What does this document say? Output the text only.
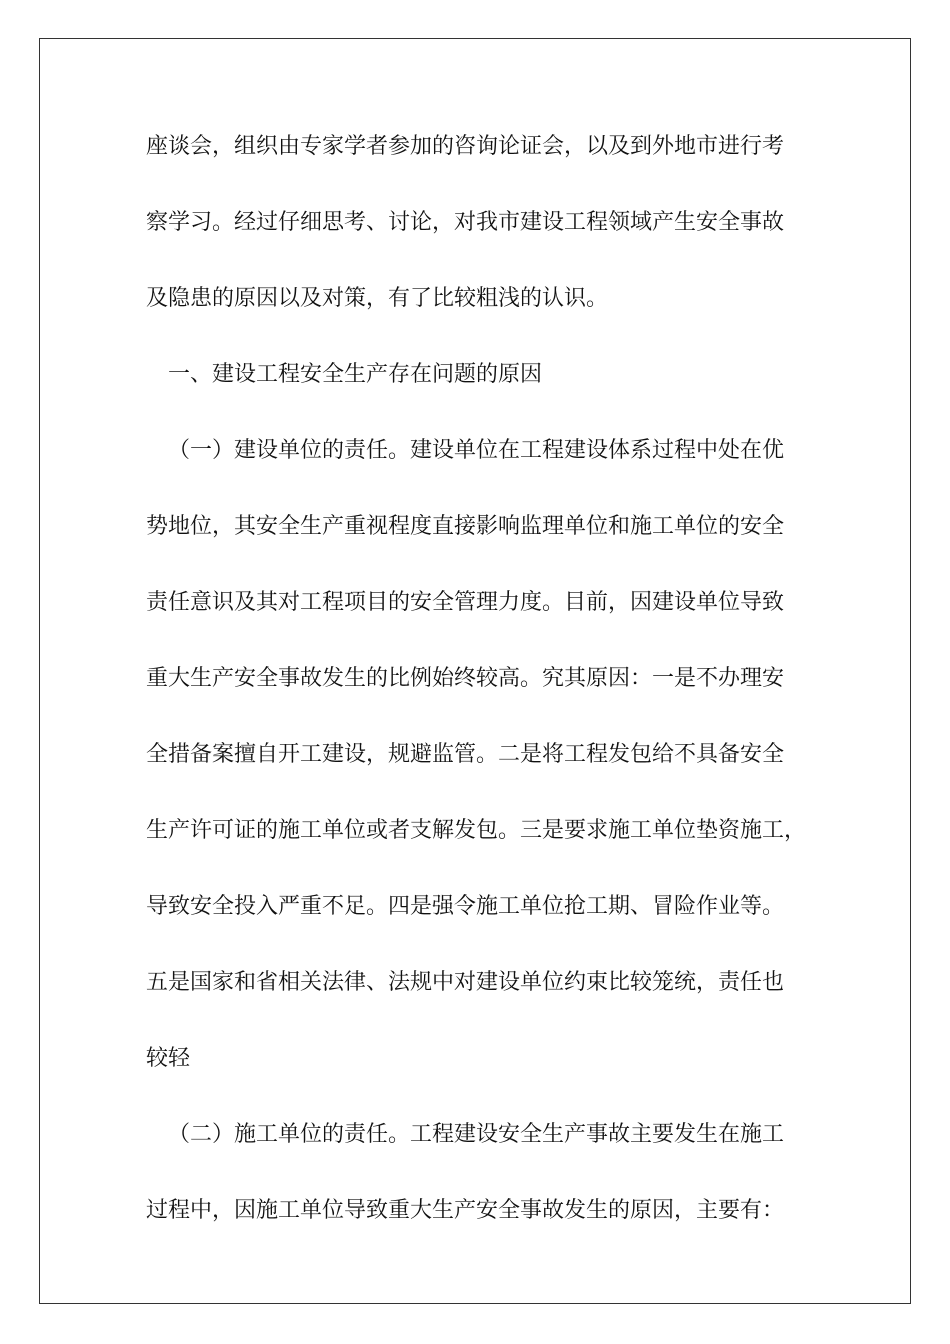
座谈会，组织由专家学者参加的咨询论证会，以及到外地市进行考
察学习。经过仔细思考、讨论，对我市建设工程领域产生安全事故
及隐患的原因以及对策，有了比较粗浅的认识。
一、建设工程安全生产存在问题的原因
（一）建设单位的责任。建设单位在工程建设体系过程中处在优
势地位，其安全生产重视程度直接影响监理单位和施工单位的安全
责任意识及其对工程项目的安全管理力度。目前，因建设单位导致
重大生产安全事故发生的比例始终较高。究其原因：一是不办理安
全措备案擅自开工建设，规避监管。二是将工程发包给不具备安全
生产许可证的施工单位或者支解发包。三是要求施工单位垫资施工，
导致安全投入严重不足。四是强令施工单位抢工期、冒险作业等。
五是国家和省相关法律、法规中对建设单位约束比较笼统，责任也
较轻
（二）施工单位的责任。工程建设安全生产事故主要发生在施工
过程中，因施工单位导致重大生产安全事故发生的原因，主要有：
